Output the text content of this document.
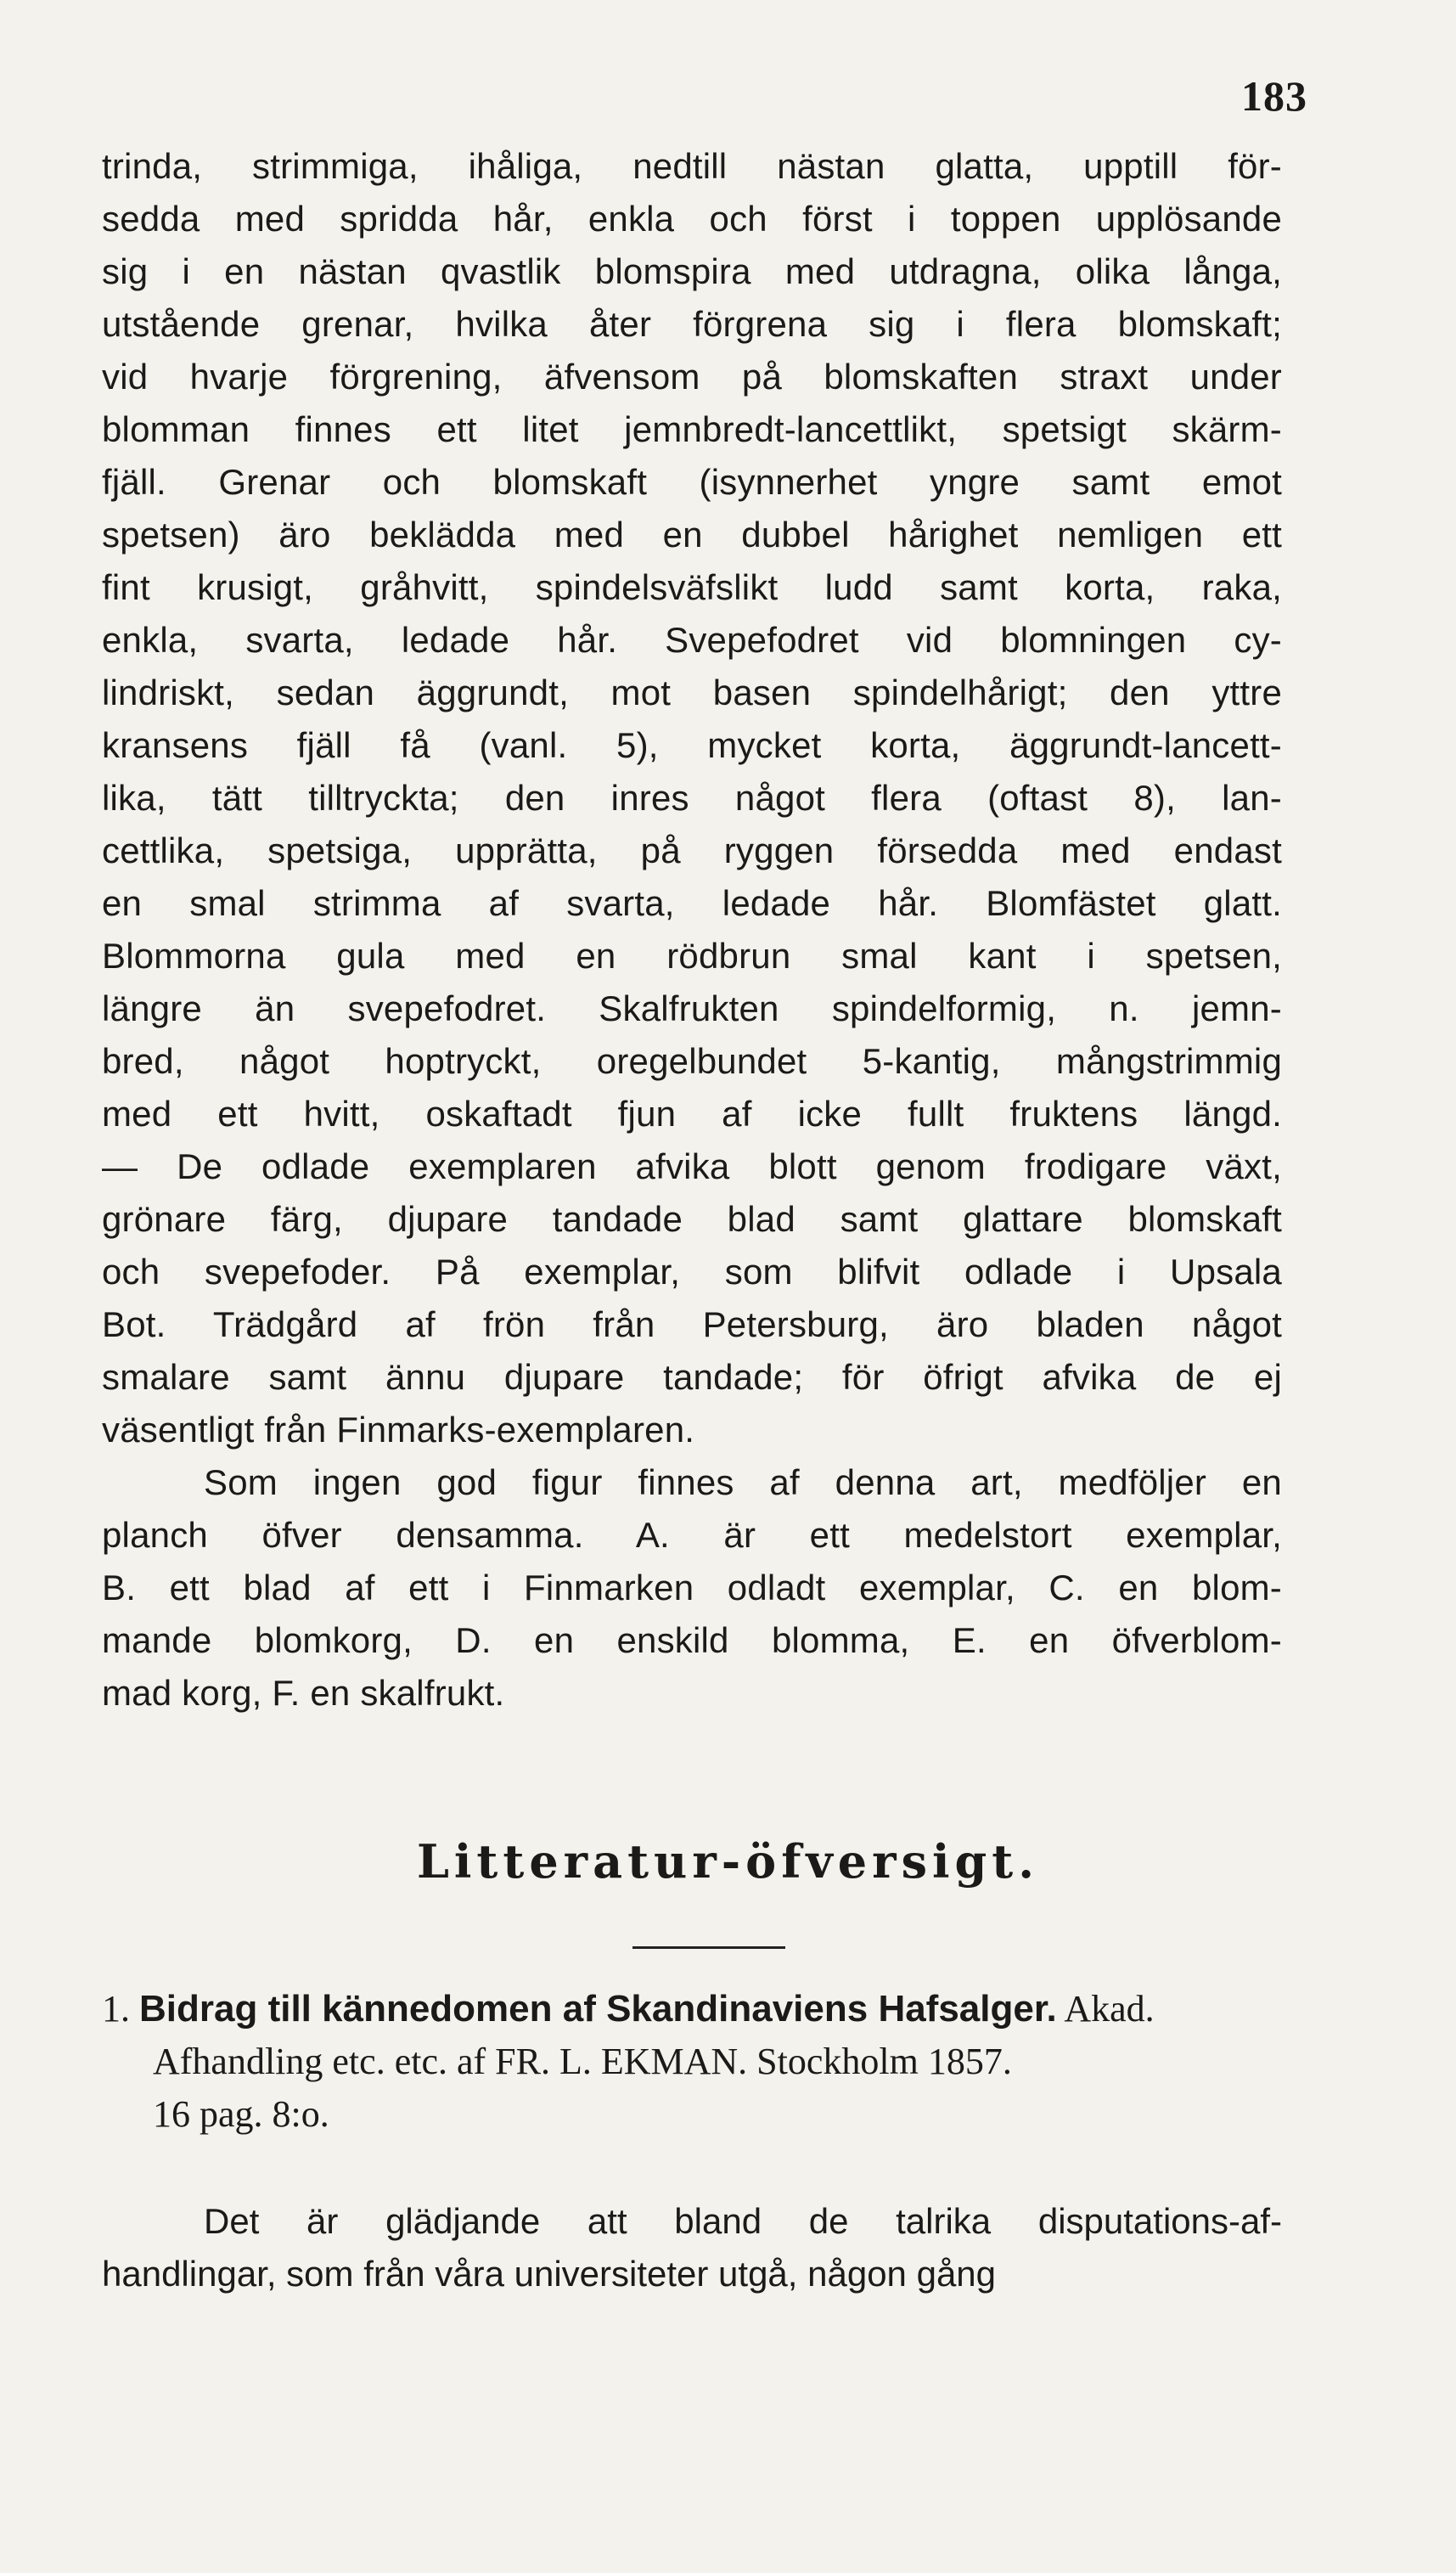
183
trinda, strimmiga, ihåliga, nedtill nästan glatta, upptill för-
sedda med spridda hår, enkla och först i toppen upplösande
sig i en nästan qvastlik blomspira med utdragna, olika långa,
utstående grenar, hvilka åter förgrena sig i flera blomskaft;
vid hvarje förgrening, äfvensom på blomskaften straxt under
blomman finnes ett litet jemnbredt-lancettlikt, spetsigt skärm-
fjäll. Grenar och blomskaft (isynnerhet yngre samt emot
spetsen) äro beklädda med en dubbel hårighet nemligen ett
fint krusigt, gråhvitt, spindelsväfslikt ludd samt korta, raka,
enkla, svarta, ledade hår. Svepefodret vid blomningen cy-
lindriskt, sedan äggrundt, mot basen spindelhårigt; den yttre
kransens fjäll få (vanl. 5), mycket korta, äggrundt-lancett-
lika, tätt tilltryckta; den inres något flera (oftast 8), lan-
cettlika, spetsiga, upprätta, på ryggen försedda med endast
en smal strimma af svarta, ledade hår. Blomfästet glatt.
Blommorna gula med en rödbrun smal kant i spetsen,
längre än svepefodret. Skalfrukten spindelformig, n. jemn-
bred, något hoptryckt, oregelbundet 5-kantig, mångstrimmig
med ett hvitt, oskaftadt fjun af icke fullt fruktens längd.
— De odlade exemplaren afvika blott genom frodigare växt,
grönare färg, djupare tandade blad samt glattare blomskaft
och svepefoder. På exemplar, som blifvit odlade i Upsala
Bot. Trädgård af frön från Petersburg, äro bladen något
smalare samt ännu djupare tandade; för öfrigt afvika de ej
väsentligt från Finmarks-exemplaren.
Som ingen god figur finnes af denna art, medföljer en
planch öfver densamma. A. är ett medelstort exemplar,
B. ett blad af ett i Finmarken odladt exemplar, C. en blom-
mande blomkorg, D. en enskild blomma, E. en öfverblom-
mad korg, F. en skalfrukt.
Litteratur-öfversigt.
1. Bidrag till kännedomen af Skandinaviens Hafsalger. Akad.
Afhandling etc. etc. af FR. L. EKMAN. Stockholm 1857.
16 pag. 8:o.
Det är glädjande att bland de talrika disputations-af-
handlingar, som från våra universiteter utgå, någon gång
